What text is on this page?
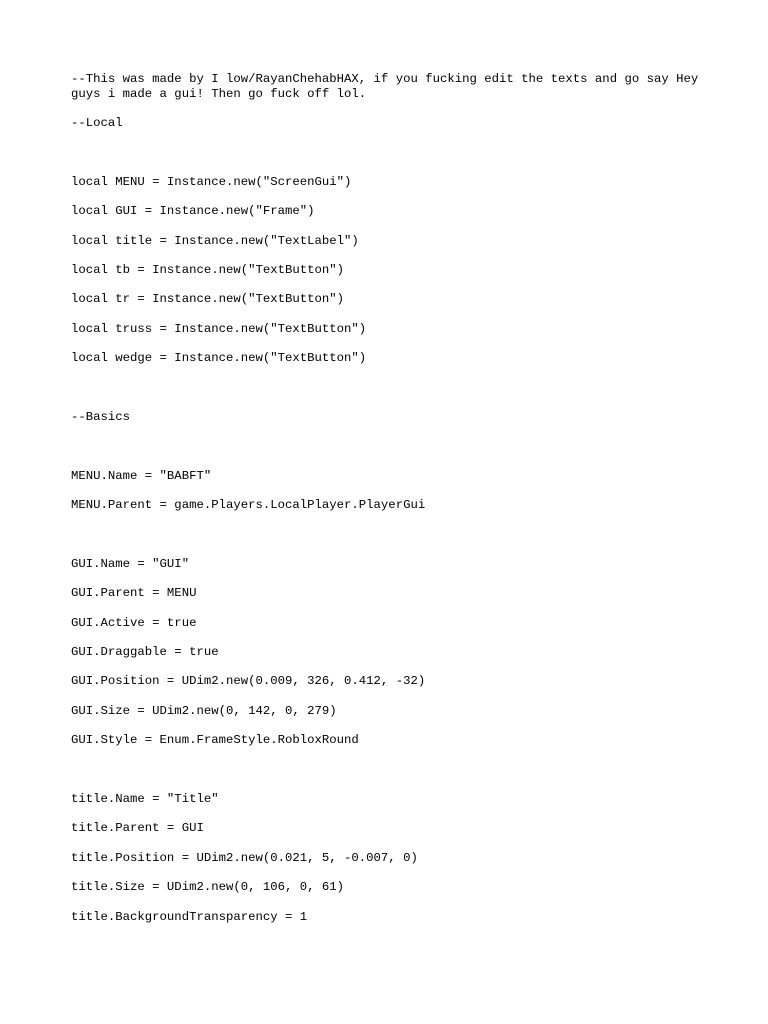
--This was made by I low/RayanChehabHAX, if you fucking edit the texts and go say Hey guys i made a gui! Then go fuck off lol.
--Local
local MENU = Instance.new("ScreenGui")
local GUI = Instance.new("Frame")
local title = Instance.new("TextLabel")
local tb = Instance.new("TextButton")
local tr = Instance.new("TextButton")
local truss = Instance.new("TextButton")
local wedge = Instance.new("TextButton")
--Basics
MENU.Name = "BABFT"
MENU.Parent = game.Players.LocalPlayer.PlayerGui
GUI.Name = "GUI"
GUI.Parent = MENU
GUI.Active = true
GUI.Draggable = true
GUI.Position = UDim2.new(0.009, 326, 0.412, -32)
GUI.Size = UDim2.new(0, 142, 0, 279)
GUI.Style = Enum.FrameStyle.RobloxRound
title.Name = "Title"
title.Parent = GUI
title.Position = UDim2.new(0.021, 5, -0.007, 0)
title.Size = UDim2.new(0, 106, 0, 61)
title.BackgroundTransparency = 1
